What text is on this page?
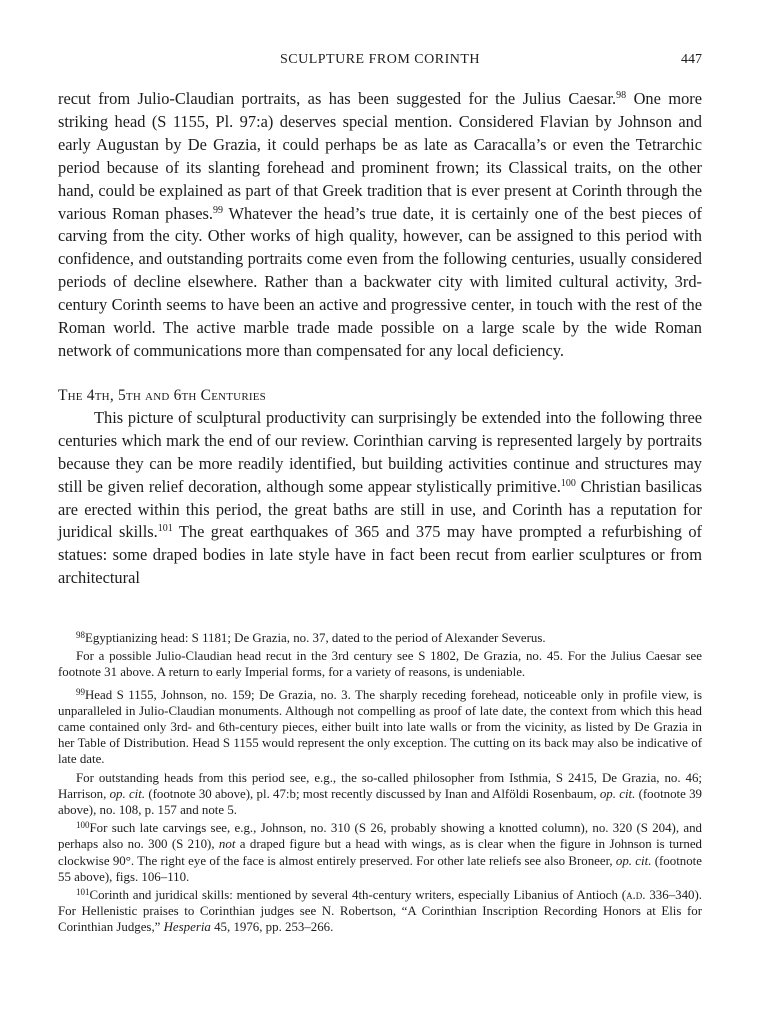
SCULPTURE FROM CORINTH	447

recut from Julio-Claudian portraits, as has been suggested for the Julius Caesar.$^{98}$ One more striking head (S 1155, Pl. 97:a) deserves special mention. Considered Flavian by Johnson and early Augustan by De Grazia, it could perhaps be as late as Caracalla’s or even the Tetrarchic period because of its slanting forehead and prominent frown; its Classical traits, on the other hand, could be explained as part of that Greek tradition that is ever present at Corinth through the various Roman phases.$^{99}$ Whatever the head’s true date, it is certainly one of the best pieces of carving from the city. Other works of high quality, however, can be assigned to this period with confidence, and outstanding portraits come even from the following centuries, usually considered periods of decline elsewhere. Rather than a backwater city with limited cultural activity, 3rd-century Corinth seems to have been an active and progressive center, in touch with the rest of the Roman world. The active marble trade made possible on a large scale by the wide Roman network of communications more than compensated for any local deficiency.

The 4th, 5th and 6th Centuries

This picture of sculptural productivity can surprisingly be extended into the following three centuries which mark the end of our review. Corinthian carving is represented largely by portraits because they can be more readily identified, but building activities continue and structures may still be given relief decoration, although some appear stylistically primitive.$^{100}$ Christian basilicas are erected within this period, the great baths are still in use, and Corinth has a reputation for juridical skills.$^{101}$ The great earthquakes of 365 and 375 may have prompted a refurbishing of statues: some draped bodies in late style have in fact been recut from earlier sculptures or from architectural

$^{98}$Egyptianizing head: S 1181; De Grazia, no. 37, dated to the period of Alexander Severus.

For a possible Julio-Claudian head recut in the 3rd century see S 1802, De Grazia, no. 45. For the Julius Caesar see footnote 31 above. A return to early Imperial forms, for a variety of reasons, is undeniable.

$^{99}$Head S 1155, Johnson, no. 159; De Grazia, no. 3. The sharply receding forehead, noticeable only in profile view, is unparalleled in Julio-Claudian monuments. Although not compelling as proof of late date, the context from which this head came contained only 3rd- and 6th-century pieces, either built into late walls or from the vicinity, as listed by De Grazia in her Table of Distribution. Head S 1155 would represent the only exception. The cutting on its back may also be indicative of late date.

For outstanding heads from this period see, e.g., the so-called philosopher from Isthmia, S 2415, De Grazia, no. 46; Harrison, op. cit. (footnote 30 above), pl. 47:b; most recently discussed by Inan and Alföldi Rosenbaum, op. cit. (footnote 39 above), no. 108, p. 157 and note 5.

$^{100}$For such late carvings see, e.g., Johnson, no. 310 (S 26, probably showing a knotted column), no. 320 (S 204), and perhaps also no. 300 (S 210), not a draped figure but a head with wings, as is clear when the figure in Johnson is turned clockwise 90°. The right eye of the face is almost entirely preserved. For other late reliefs see also Broneer, op. cit. (footnote 55 above), figs. 106–110.

$^{101}$Corinth and juridical skills: mentioned by several 4th-century writers, especially Libanius of Antioch (a.d. 336–340). For Hellenistic praises to Corinthian judges see N. Robertson, “A Corinthian Inscription Recording Honors at Elis for Corinthian Judges,” Hesperia 45, 1976, pp. 253–266.
